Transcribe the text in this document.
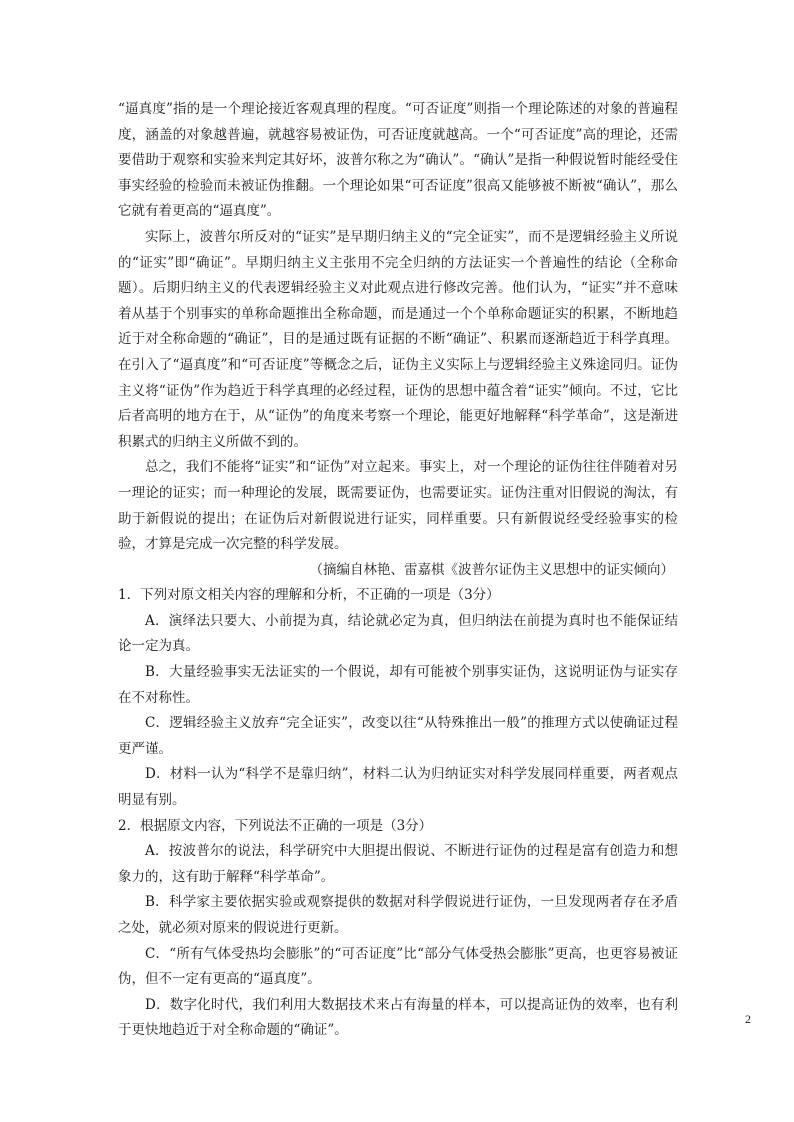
“逼真度”指的是一个理论接近客观真理的程度。“可否证度”则指一个理论陈述的对象的普遍程度，涵盖的对象越普遍，就越容易被证伪，可否证度就越高。一个“可否证度”高的理论，还需要借助于观察和实验来判定其好坏，波普尔称之为“确认”。“确认”是指一种假说暂时能经受住事实经验的检验而未被证伪推翻。一个理论如果“可否证度”很高又能够被不断被“确认”，那么它就有着更高的“逼真度”。

实际上，波普尔所反对的“证实”是早期归纳主义的“完全证实”，而不是逻辑经验主义所说的“证实”即“确证”。早期归纳主义主张用不完全归纳的方法证实一个普遍性的结论（全称命题）。后期归纳主义的代表逻辑经验主义对此观点进行修改完善。他们认为，“证实”并不意味着从基于个别事实的单称命题推出全称命题，而是通过一个个单称命题证实的积累，不断地趋近于对全称命题的“确证”，目的是通过既有证据的不断“确证”、积累而逐渐趋近于科学真理。在引入了“逼真度”和“可否证度”等概念之后，证伪主义实际上与逻辑经验主义殊途同归。证伪主义将“证伪”作为趋近于科学真理的必经过程，证伪的思想中蕴含着“证实”倾向。不过，它比后者高明的地方在于，从“证伪”的角度来考察一个理论，能更好地解释“科学革命”，这是渐进积累式的归纳主义所做不到的。

总之，我们不能将“证实”和“证伪”对立起来。事实上，对一个理论的证伪往往伴随着对另一理论的证实；而一种理论的发展，既需要证伪，也需要证实。证伪注重对旧假说的淘汰，有助于新假说的提出；在证伪后对新假说进行证实，同样重要。只有新假说经受经验事实的检验，才算是完成一次完整的科学发展。

（摘编自林艳、雷嘉棋《波普尔证伪主义思想中的证实倾向）

1．下列对原文相关内容的理解和分析，不正确的一项是（3分）

A．演绎法只要大、小前提为真，结论就必定为真，但归纳法在前提为真时也不能保证结论一定为真。

B．大量经验事实无法证实的一个假说，却有可能被个别事实证伪，这说明证伪与证实存在不对称性。

C．逻辑经验主义放弃“完全证实”，改变以往“从特殊推出一般”的推理方式以使确证过程更严谨。

D．材料一认为“科学不是靠归纳”，材料二认为归纳证实对科学发展同样重要，两者观点明显有别。

2．根据原文内容，下列说法不正确的一项是（3分）

A．按波普尔的说法，科学研究中大胆提出假说、不断进行证伪的过程是富有创造力和想象力的，这有助于解释“科学革命”。

B．科学家主要依据实验或观察提供的数据对科学假说进行证伪，一旦发现两者存在矛盾之处，就必须对原来的假说进行更新。

C．“所有气体受热均会膨胀”的“可否证度”比“部分气体受热会膨胀”更高，也更容易被证伪，但不一定有更高的“逼真度”。

D．数字化时代，我们利用大数据技术来占有海量的样本，可以提高证伪的效率，也有利于更快地趋近于对全称命题的“确证”。

2
